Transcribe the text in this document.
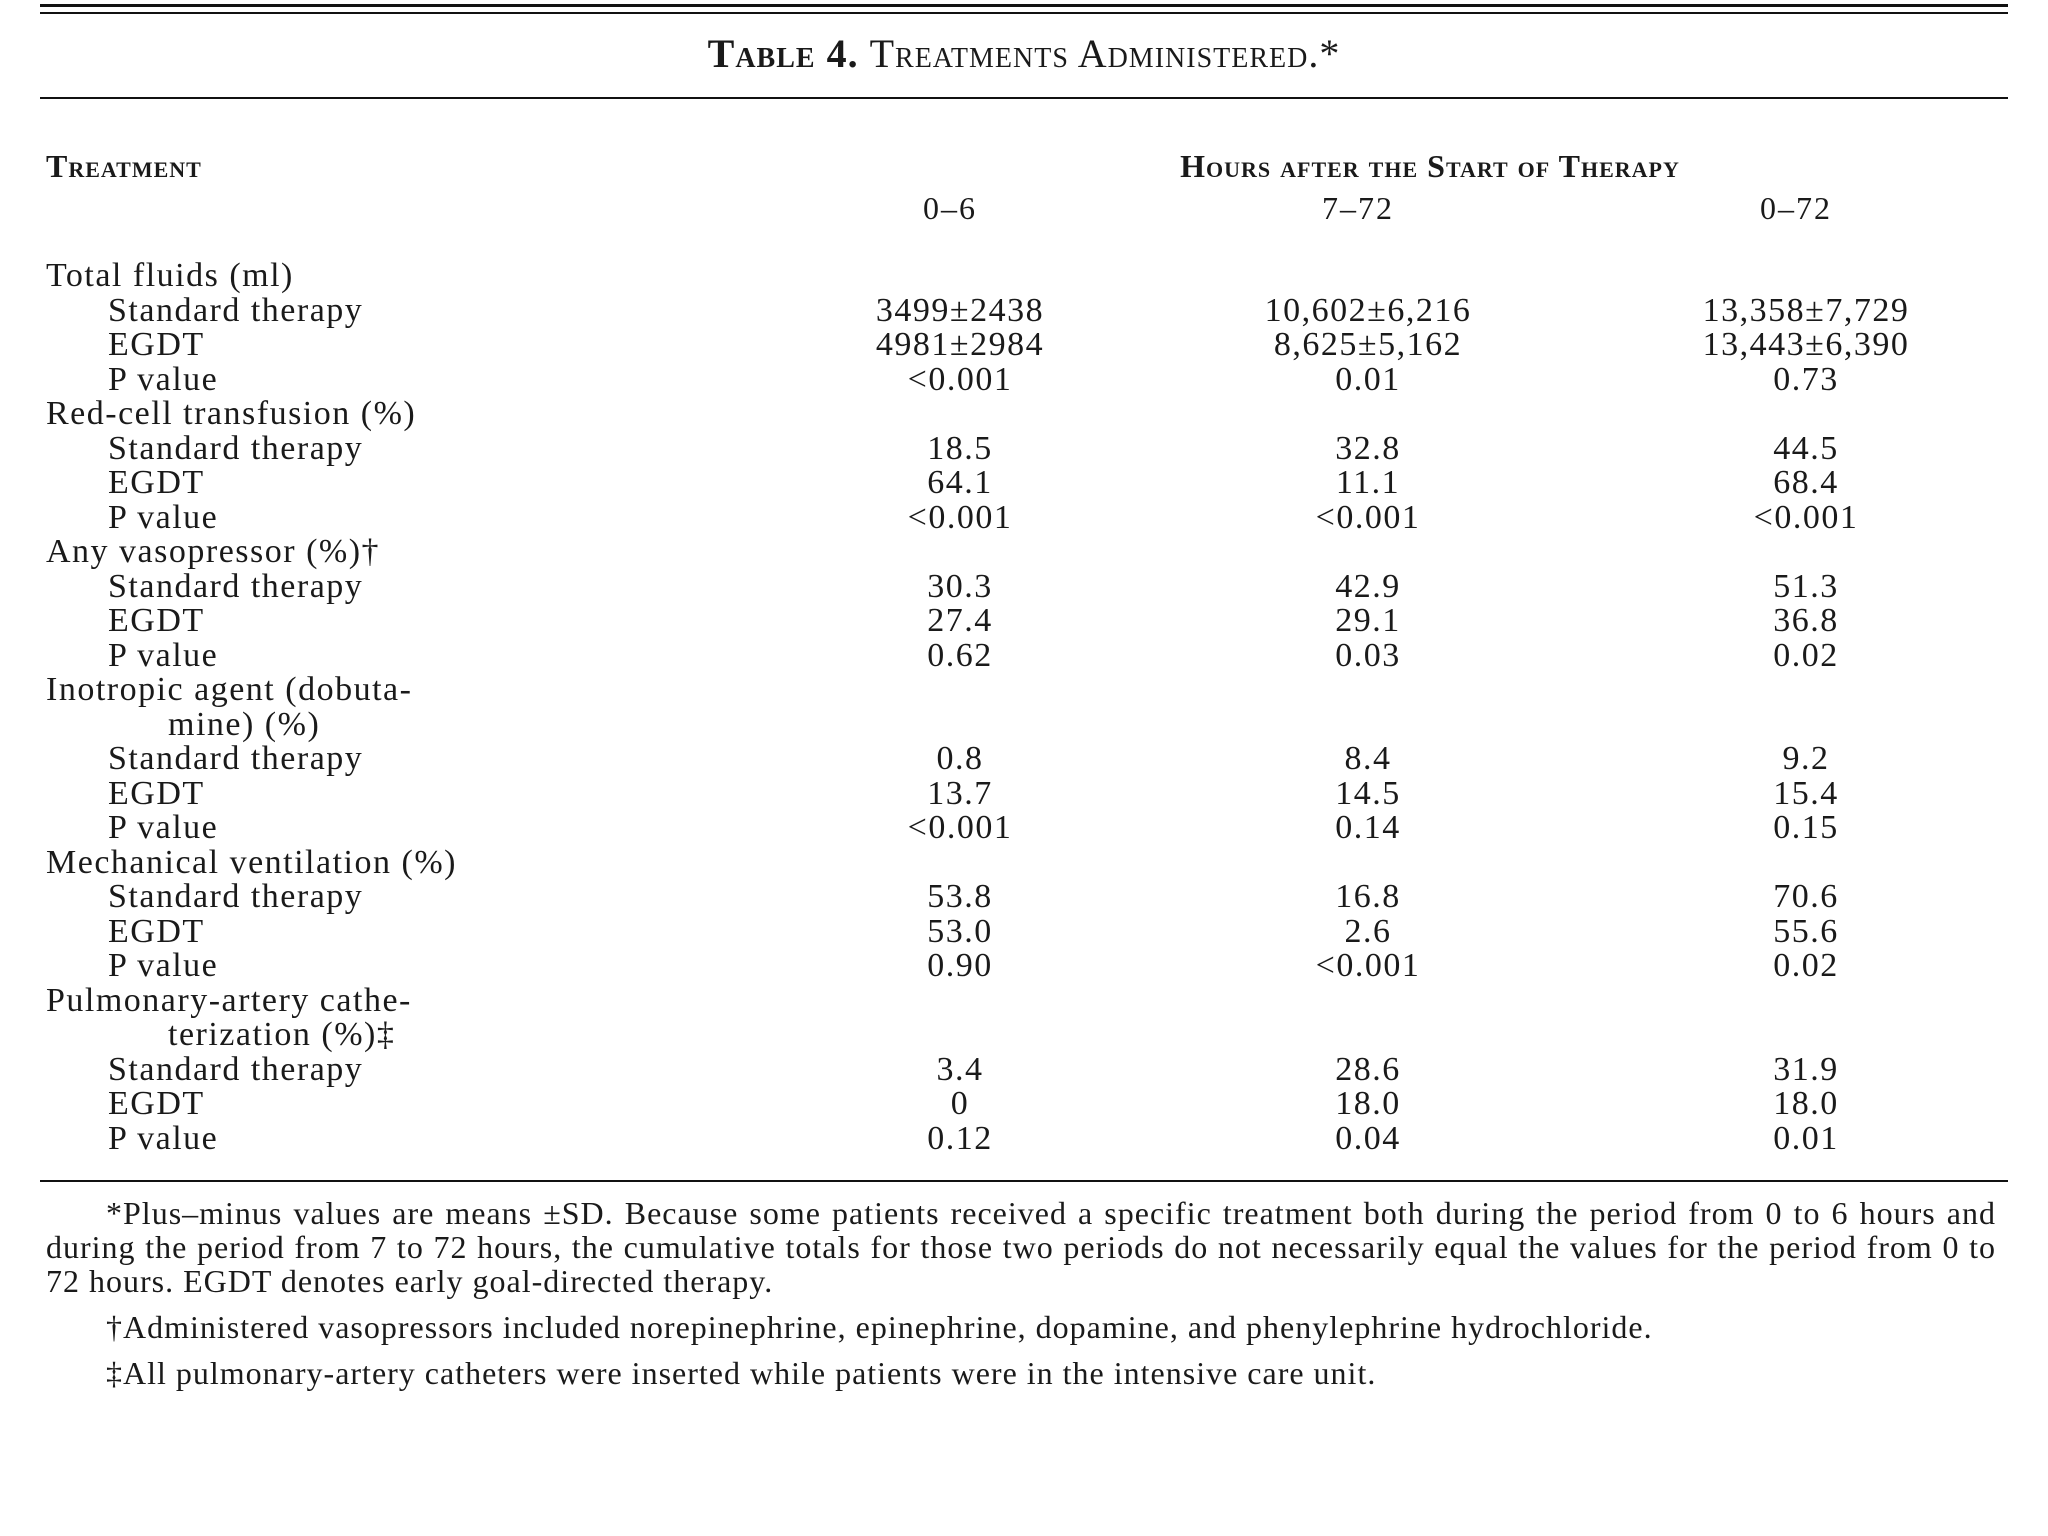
Table 4. Treatments Administered.*
Treatment	Hours after the Start of Therapy
0–6	7–72	0–72
Total fluids (ml)
Standard therapy	3499±2438	10,602±6,216	13,358±7,729
EGDT	4981±2984	8,625±5,162	13,443±6,390
P value	<0.001	0.01	0.73
Red-cell transfusion (%)
Standard therapy	18.5	32.8	44.5
EGDT	64.1	11.1	68.4
P value	<0.001	<0.001	<0.001
Any vasopressor (%)†
Standard therapy	30.3	42.9	51.3
EGDT	27.4	29.1	36.8
P value	0.62	0.03	0.02
Inotropic agent (dobuta-
mine) (%)
Standard therapy	0.8	8.4	9.2
EGDT	13.7	14.5	15.4
P value	<0.001	0.14	0.15
Mechanical ventilation (%)
Standard therapy	53.8	16.8	70.6
EGDT	53.0	2.6	55.6
P value	0.90	<0.001	0.02
Pulmonary-artery cathe-
terization (%)‡
Standard therapy	3.4	28.6	31.9
EGDT	0	18.0	18.0
P value	0.12	0.04	0.01

*Plus–minus values are means ±SD. Because some patients received a specific treatment both during the period from 0 to 6 hours and during the period from 7 to 72 hours, the cumulative totals for those two periods do not necessarily equal the values for the period from 0 to 72 hours. EGDT denotes early goal-directed therapy.

†Administered vasopressors included norepinephrine, epinephrine, dopamine, and phenylephrine hydrochloride.

‡All pulmonary-artery catheters were inserted while patients were in the intensive care unit.
